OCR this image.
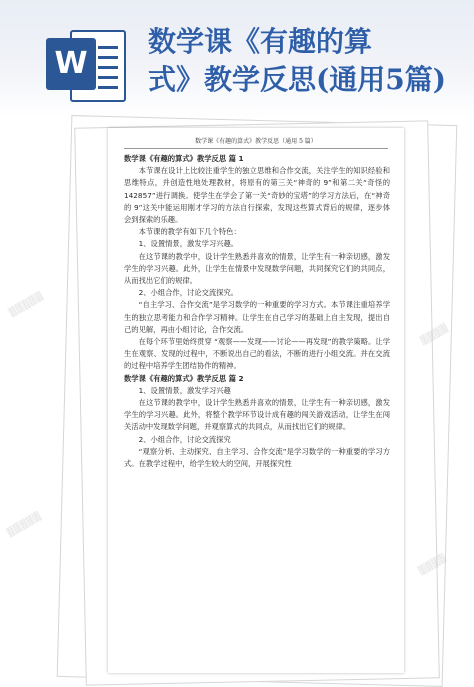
W
数学课《有趣的算
式》教学反思(通用5篇)

数学课《有趣的算式》教学反思（通用 5 篇）

数学课《有趣的算式》教学反思 篇 1

本节课在设计上比较注重学生的独立思维和合作交流，关注学生的知识经验和思维特点，并创造性地处理教材，将原有的第三关“神奇的 9”和第二关“奇怪的 142857”进行调换。使学生在学会了第一关“奇妙的宝塔”的学习方法后，在“神奇的 9”这关中能运用刚才学习的方法自行探索，发现这些算式背后的规律，逐步体会到探索的乐趣。

本节课的教学有如下几个特色：

1、设置情景，激发学习兴趣。

在这节课的教学中，设计学生熟悉并喜欢的情景，让学生有一种亲切感，激发学生的学习兴趣。此外，让学生在情景中发现数学问题，共同探究它们的共同点，从而找出它们的规律。

2、小组合作，讨论交流探究。

“自主学习、合作交流”是学习数学的一种重要的学习方式。本节课注重培养学生的独立思考能力和合作学习精神。让学生在自己学习的基础上自主发现，提出自己的见解，再由小组讨论，合作交流。

在每个环节里始终贯穿 “观察——发现——讨论——再发现”的教学策略。让学生在观察、发现的过程中，不断说出自己的看法，不断的进行小组交流。并在交流的过程中培养学生团结协作的精神。

数学课《有趣的算式》教学反思 篇 2

1、设置情景，激发学习兴趣

在这节课的教学中，设计学生熟悉并喜欢的情景，让学生有一种亲切感，激发学生的学习兴趣。此外，将整个教学环节设计成有趣的闯关游戏活动，让学生在闯关活动中发现数学问题，并观察算式的共同点，从而找出它们的规律。

2、小组合作，讨论交流探究

“观察分析、主动探究、自主学习、合作交流”是学习数学的一种重要的学习方式。在教学过程中，给学生较大的空间，开展探究性

▒▒▒▒▒
▒▒▒▒▒
▒▒▒▒
▒▒▒▒
